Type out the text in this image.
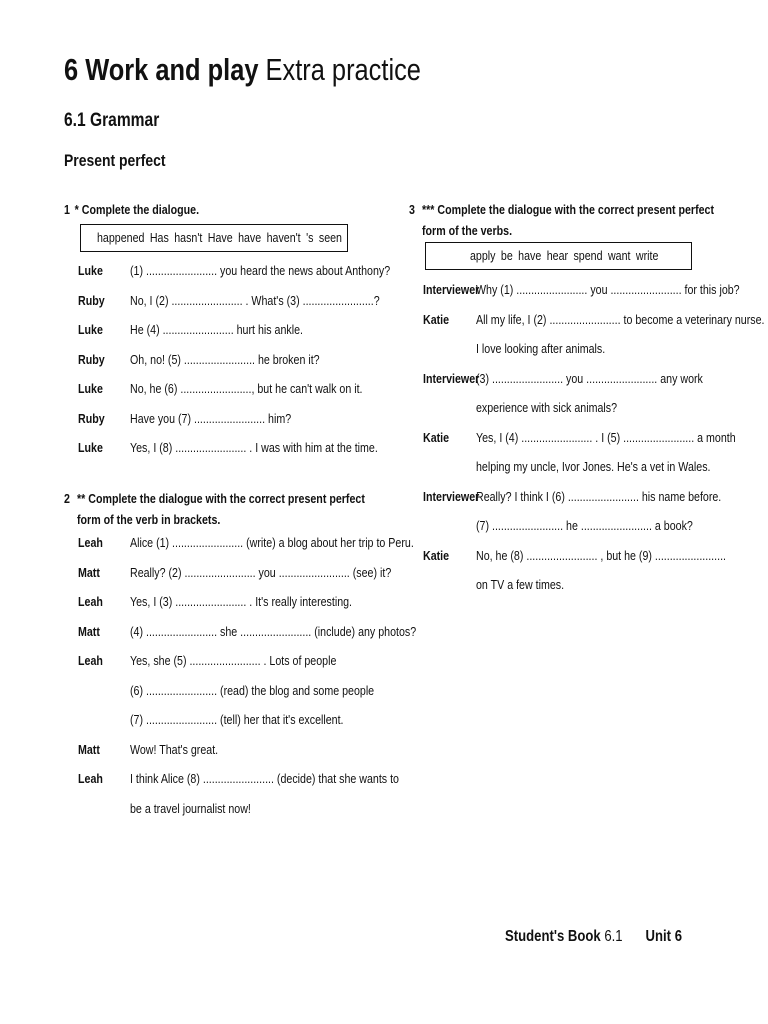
6 Work and play Extra practice
6.1 Grammar
Present perfect
1 * Complete the dialogue.
happened Has hasn't Have have haven't 's seen
Luke (1) ........................ you heard the news about Anthony?
Ruby No, I (2) ........................ . What's (3) ........................?
Luke He (4) ........................ hurt his ankle.
Ruby Oh, no! (5) ........................ he broken it?
Luke No, he (6) ........................, but he can't walk on it.
Ruby Have you (7) ........................ him?
Luke Yes, I (8) ........................ . I was with him at the time.
2 ** Complete the dialogue with the correct present perfect form of the verb in brackets.
Leah Alice (1) ........................ (write) a blog about her trip to Peru.
Matt Really? (2) ........................ you ........................ (see) it?
Leah Yes, I (3) ........................ . It's really interesting.
Matt (4) ........................ she ........................ (include) any photos?
Leah Yes, she (5) ........................ . Lots of people
(6) ........................ (read) the blog and some people
(7) ........................ (tell) her that it's excellent.
Matt Wow! That's great.
Leah I think Alice (8) ........................ (decide) that she wants to
be a travel journalist now!
3 *** Complete the dialogue with the correct present perfect form of the verbs.
apply be have hear spend want write
Interviewer
Why (1) ........................ you ........................ for this job?
Katie All my life, I (2) ........................ to become a veterinary nurse.
I love looking after animals.
Interviewer
(3) ........................ you ........................ any work
experience with sick animals?
Katie Yes, I (4) ........................ . I (5) ........................ a month
helping my uncle, Ivor Jones. He's a vet in Wales.
Interviewer
Really? I think I (6) ........................ his name before.
(7) ........................ he ........................ a book?
Katie No, he (8) ........................ , but he (9) ........................
on TV a few times.
Student's Book 6.1 Unit 6
